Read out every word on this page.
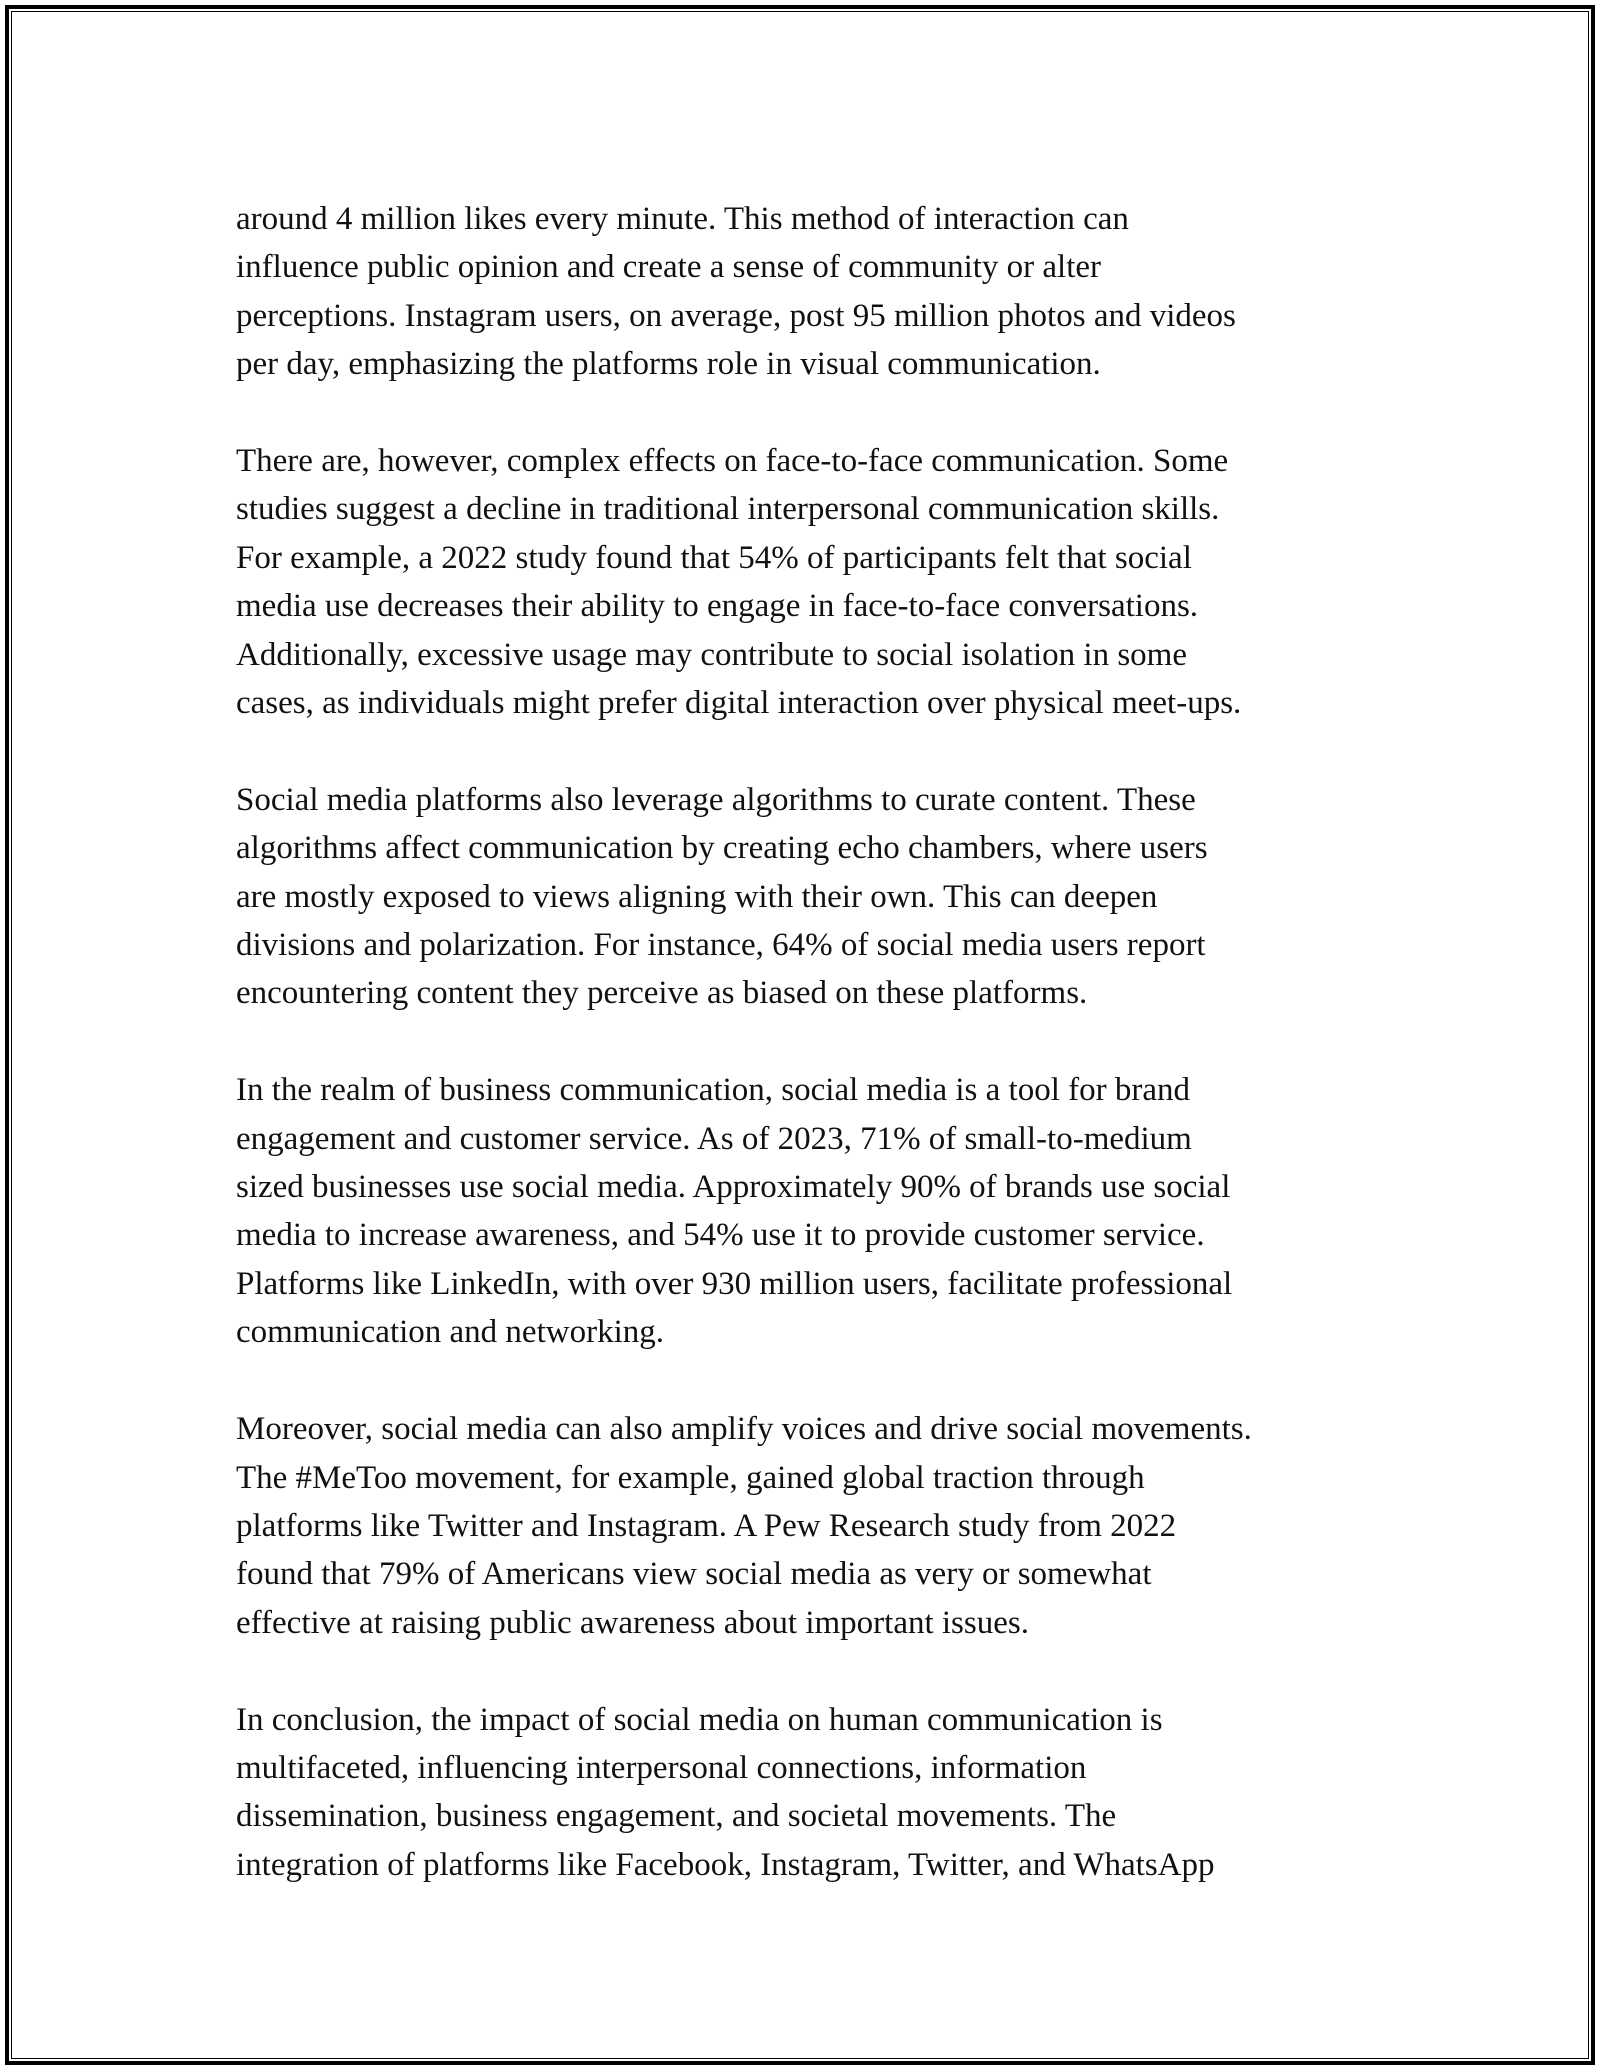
around 4 million likes every minute. This method of interaction can
influence public opinion and create a sense of community or alter
perceptions. Instagram users, on average, post 95 million photos and videos
per day, emphasizing the platforms role in visual communication.

There are, however, complex effects on face-to-face communication. Some
studies suggest a decline in traditional interpersonal communication skills.
For example, a 2022 study found that 54% of participants felt that social
media use decreases their ability to engage in face-to-face conversations.
Additionally, excessive usage may contribute to social isolation in some
cases, as individuals might prefer digital interaction over physical meet-ups.

Social media platforms also leverage algorithms to curate content. These
algorithms affect communication by creating echo chambers, where users
are mostly exposed to views aligning with their own. This can deepen
divisions and polarization. For instance, 64% of social media users report
encountering content they perceive as biased on these platforms.

In the realm of business communication, social media is a tool for brand
engagement and customer service. As of 2023, 71% of small-to-medium
sized businesses use social media. Approximately 90% of brands use social
media to increase awareness, and 54% use it to provide customer service.
Platforms like LinkedIn, with over 930 million users, facilitate professional
communication and networking.

Moreover, social media can also amplify voices and drive social movements.
The #MeToo movement, for example, gained global traction through
platforms like Twitter and Instagram. A Pew Research study from 2022
found that 79% of Americans view social media as very or somewhat
effective at raising public awareness about important issues.

In conclusion, the impact of social media on human communication is
multifaceted, influencing interpersonal connections, information
dissemination, business engagement, and societal movements. The
integration of platforms like Facebook, Instagram, Twitter, and WhatsApp
